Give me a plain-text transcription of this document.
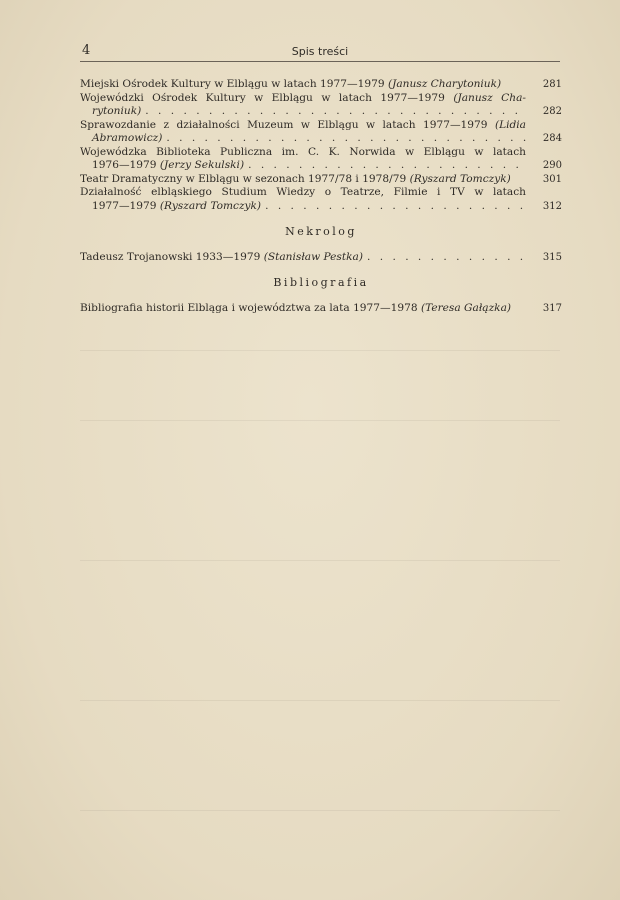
4	Spis treści
Miejski Ośrodek Kultury w Elblągu w latach 1977—1979
(Janusz Charytoniuk)	281
Wojewódzki Ośrodek Kultury w Elblągu w latach 1977—1979 (Janusz Cha-
rytoniuk) . . .	282
Sprawozdanie z działalności Muzeum w Elblągu w latach 1977—1979 (Lidia
Abramowicz) . . .	284
Wojewódzka Biblioteka Publiczna im. C. K. Norwida w Elblągu w latach
1976—1979
(Jerzy Sekulski) . . .	290
Teatr Dramatyczny w Elblągu w sezonach 1977/78 i 1978/79
(Ryszard Tomczyk)	301
Działalność elbląskiego Studium Wiedzy o Teatrze, Filmie i TV w latach
1977—1979
(Ryszard Tomczyk) . . .	312
Nekrolog
Tadeusz Trojanowski 1933—1979
(Stanisław Pestka) . . .	315
Bibliografia
Bibliografia historii Elbląga i województwa za lata 1977—1978
(Teresa Gałązka)	317
